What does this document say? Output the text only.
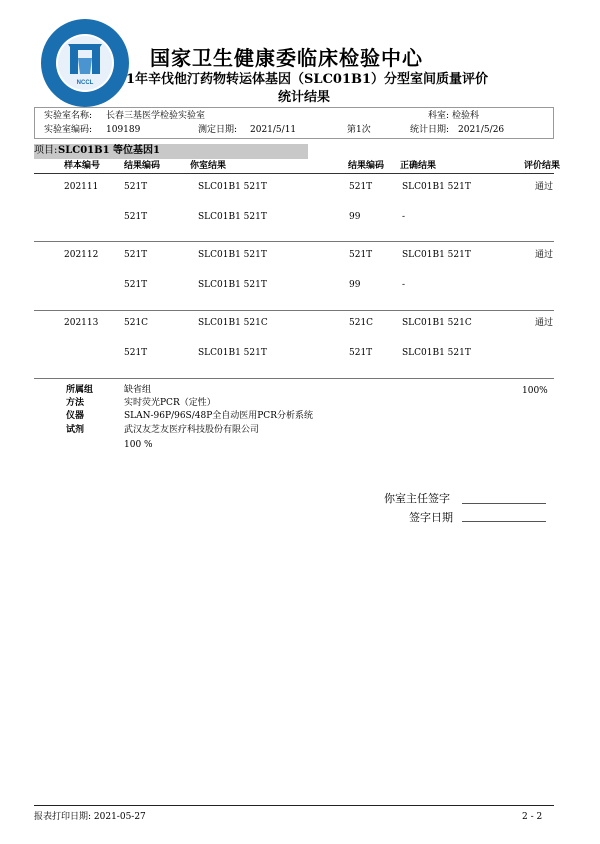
NCCL
国家卫生健康委临床检验中心
1年辛伐他汀药物转运体基因（SLC01B1）分型室间质量评价
统计结果
实验室名称: 长春三基医学检验实验室	科室: 检验科
实验室编码: 109189	测定日期: 2021/5/11	第1次	统计日期: 2021/5/26
项目: SLC01B1 等位基因1
样本编号	结果编码	你室结果	结果编码 正确结果	评价结果
202111	521T	SLC01B1 521T	521T	SLC01B1 521T	通过
521T	SLC01B1 521T	99	-
202112	521T	SLC01B1 521T	521T	SLC01B1 521T	通过
521T	SLC01B1 521T	99	-
202113	521C	SLC01B1 521C	521C	SLC01B1 521C	通过
521T	SLC01B1 521T	521T	SLC01B1 521T
所属组	缺省组	100%
方法	实时荧光PCR（定性）
仪器	SLAN-96P/96S/48P全自动医用PCR分析系统
试剂	武汉友芝友医疗科技股份有限公司
100 %
你室主任签字
签字日期
报表打印日期: 2021-05-27	2 - 2
